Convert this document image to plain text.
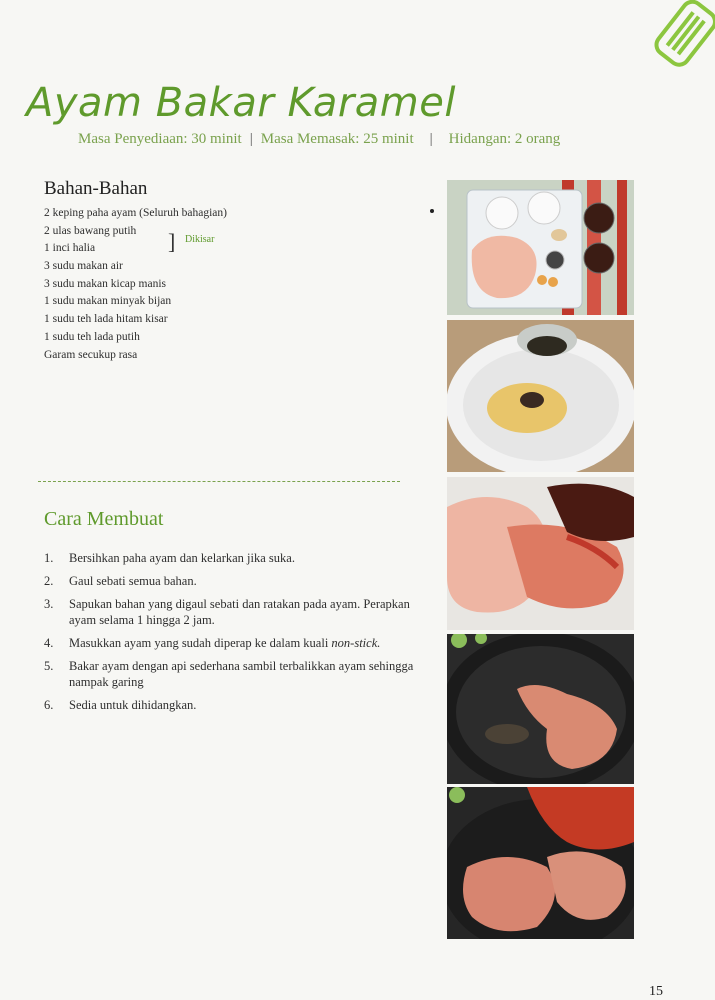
Ayam Bakar Karamel
Masa Penyediaan: 30 minit | Masa Memasak: 25 minit | Hidangan: 2 orang
Bahan-Bahan
2 keping paha ayam (Seluruh bahagian)
2 ulas bawang putih
1 inci halia
3 sudu makan air
3 sudu makan kicap manis
1 sudu makan minyak bijan
1 sudu teh lada hitam kisar
1 sudu teh lada putih
Garam secukup rasa
] Dikisar
Cara Membuat
1. Bersihkan paha ayam dan kelarkan jika suka.
2. Gaul sebati semua bahan.
3. Sapukan bahan yang digaul sebati dan ratakan pada ayam. Perapkan ayam selama 1 hingga 2 jam.
4. Masukkan ayam yang sudah diperap ke dalam kuali non-stick.
5. Bakar ayam dengan api sederhana sambil terbalikkan ayam sehingga nampak garing
6. Sedia untuk dihidangkan.
15
